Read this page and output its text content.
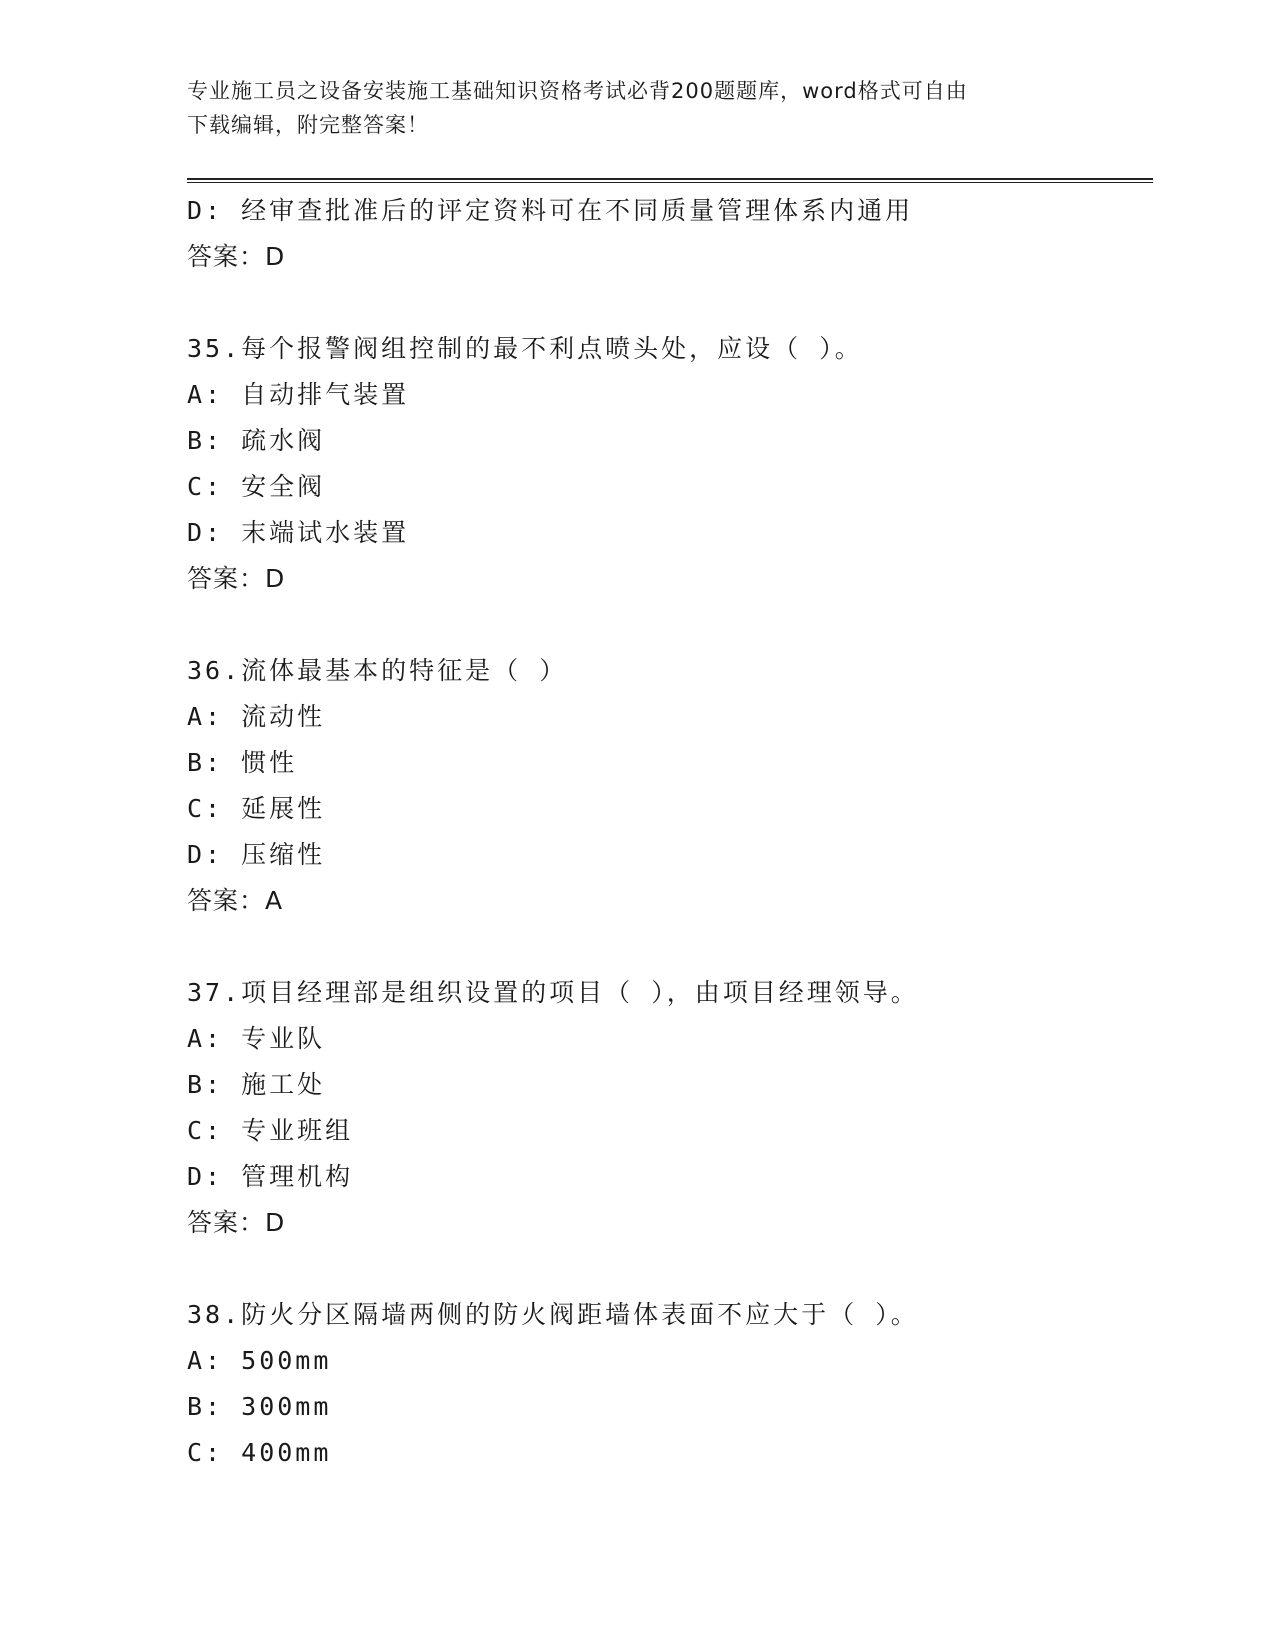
专业施工员之设备安装施工基础知识资格考试必背200题题库，word格式可自由
下载编辑，附完整答案！
D: 经审查批准后的评定资料可在不同质量管理体系内通用
答案：D
35.每个报警阀组控制的最不利点喷头处，应设（ ）。
A: 自动排气装置
B: 疏水阀
C: 安全阀
D: 末端试水装置
答案：D
36.流体最基本的特征是（ ）
A: 流动性
B: 惯性
C: 延展性
D: 压缩性
答案：A
37.项目经理部是组织设置的项目（ ），由项目经理领导。
A: 专业队
B: 施工处
C: 专业班组
D: 管理机构
答案：D
38.防火分区隔墙两侧的防火阀距墙体表面不应大于（ ）。
A: 500mm
B: 300mm
C: 400mm
